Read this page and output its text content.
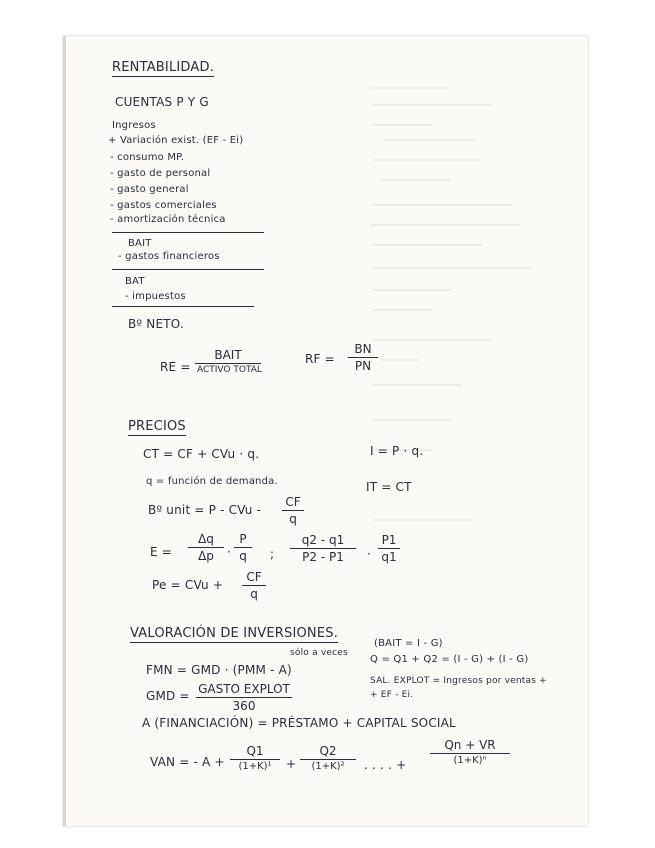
RENTABILIDAD.
CUENTAS P Y G
Ingresos
+ Variación exist. (EF - Ei)
- consumo MP.
- gasto de personal
- gasto general
- gastos comerciales
- amortización técnica
BAIT
- gastos financieros
BAT
- impuestos
Bº NETO.
RE =
BAIT
ACTIVO TOTAL
RF =
BN
PN
PRECIOS
CT = CF + CVu · q.	I = P · q.
q = función de demanda.	IT = CT
Bº unit = P - CVu -
CF
q
E =
Δq
Δp	·
P
q	;
q2 - q1
P2 - P1	·
P1
q1
Pe = CVu +
CF
q
VALORACIÓN DE INVERSIONES.
(BAIT = I - G)
sólo a veces
FMN = GMD · (PMM - A)
Q = Q1 + Q2 = (I - G) + (I - G)
GMD = GASTO EXPLOT
360
SAL. EXPLOT = Ingresos por ventas +
+ EF - Ei.
A (FINANCIACIÓN) = PRÉSTAMO + CAPITAL SOCIAL
VAN = - A +
Q1
(1+K)¹	+
Q2
(1+K)²	. . . . +
Qn + VR
(1+K)ⁿ
